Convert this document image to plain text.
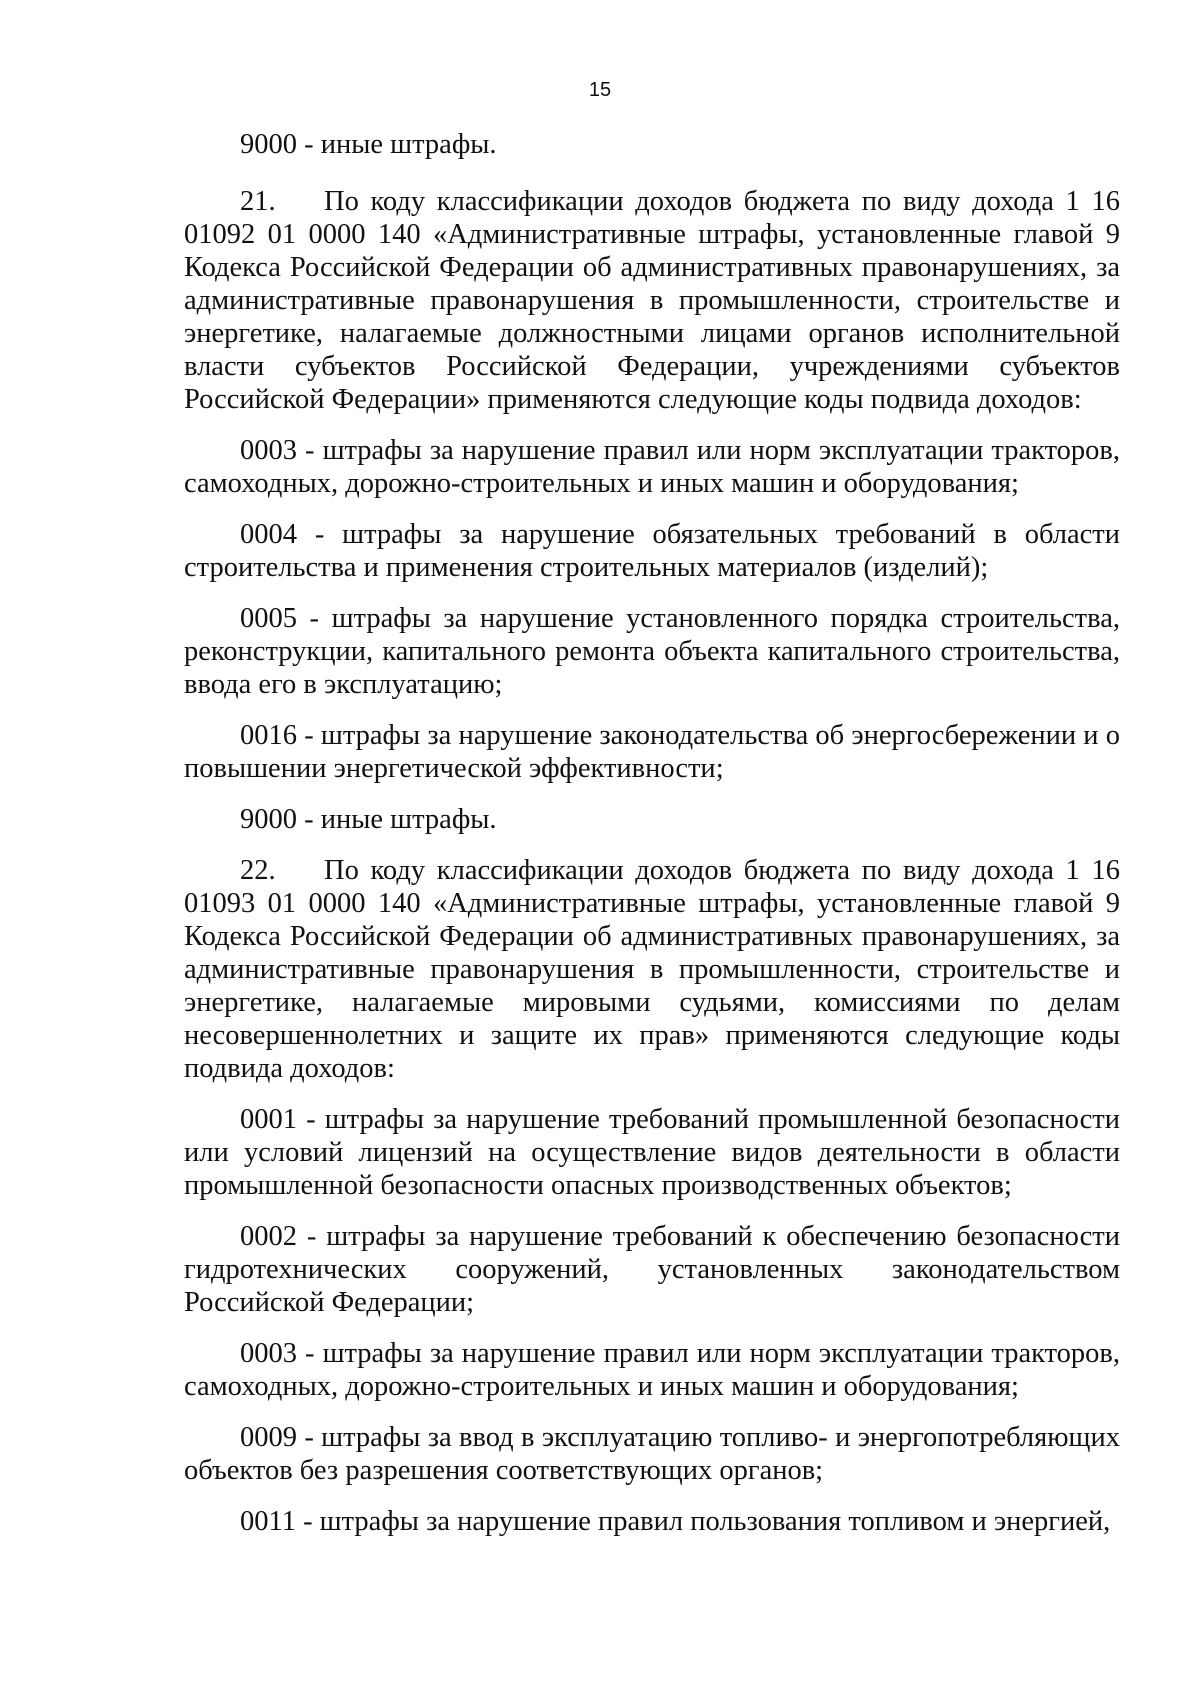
15

9000 - иные штрафы.

21. По коду классификации доходов бюджета по виду дохода 1 16 01092 01 0000 140 «Административные штрафы, установленные главой 9 Кодекса Российской Федерации об административных правонарушениях, за административные правонарушения в промышленности, строительстве и энергетике, налагаемые должностными лицами органов исполнительной власти субъектов Российской Федерации, учреждениями субъектов Российской Федерации» применяются следующие коды подвида доходов:

0003 - штрафы за нарушение правил или норм эксплуатации тракторов, самоходных, дорожно-строительных и иных машин и оборудования;

0004 - штрафы за нарушение обязательных требований в области строительства и применения строительных материалов (изделий);

0005 - штрафы за нарушение установленного порядка строительства, реконструкции, капитального ремонта объекта капитального строительства, ввода его в эксплуатацию;

0016 - штрафы за нарушение законодательства об энергосбережении и о повышении энергетической эффективности;

9000 - иные штрафы.

22. По коду классификации доходов бюджета по виду дохода 1 16 01093 01 0000 140 «Административные штрафы, установленные главой 9 Кодекса Российской Федерации об административных правонарушениях, за административные правонарушения в промышленности, строительстве и энергетике, налагаемые мировыми судьями, комиссиями по делам несовершеннолетних и защите их прав» применяются следующие коды подвида доходов:

0001 - штрафы за нарушение требований промышленной безопасности или условий лицензий на осуществление видов деятельности в области промышленной безопасности опасных производственных объектов;

0002 - штрафы за нарушение требований к обеспечению безопасности гидротехнических сооружений, установленных законодательством Российской Федерации;

0003 - штрафы за нарушение правил или норм эксплуатации тракторов, самоходных, дорожно-строительных и иных машин и оборудования;

0009 - штрафы за ввод в эксплуатацию топливо- и энергопотребляющих объектов без разрешения соответствующих органов;

0011 - штрафы за нарушение правил пользования топливом и энергией,
